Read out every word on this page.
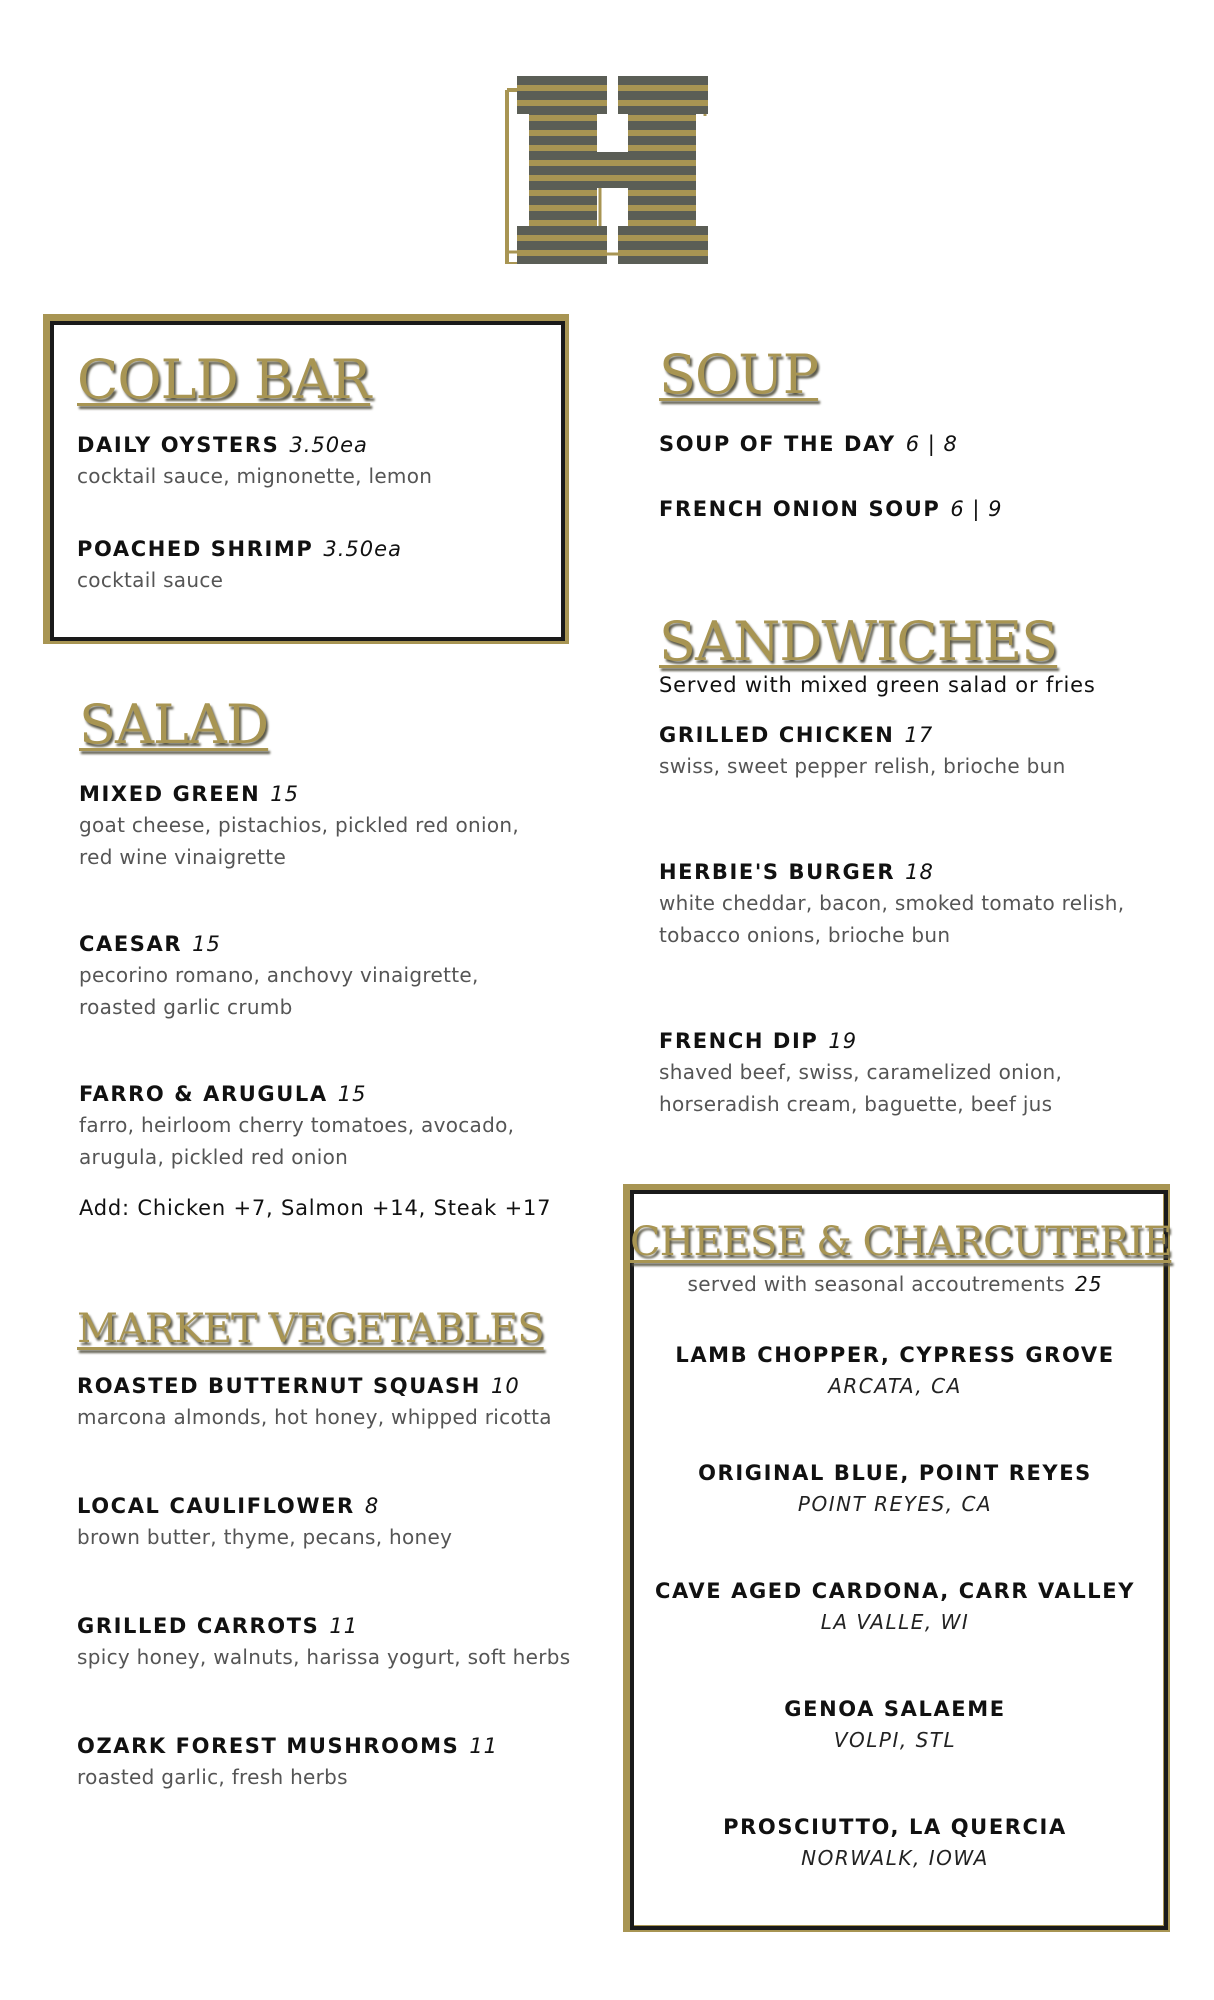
COLD BAR
DAILY OYSTERS 3.50ea
cocktail sauce, mignonette, lemon
POACHED SHRIMP 3.50ea
cocktail sauce
SALAD
MIXED GREEN 15
goat cheese, pistachios, pickled red onion,
red wine vinaigrette
CAESAR 15
pecorino romano, anchovy vinaigrette,
roasted garlic crumb
FARRO & ARUGULA 15
farro, heirloom cherry tomatoes, avocado,
arugula, pickled red onion
Add: Chicken +7, Salmon +14, Steak +17
MARKET VEGETABLES
ROASTED BUTTERNUT SQUASH 10
marcona almonds, hot honey, whipped ricotta
LOCAL CAULIFLOWER 8
brown butter, thyme, pecans, honey
GRILLED CARROTS 11
spicy honey, walnuts, harissa yogurt, soft herbs
OZARK FOREST MUSHROOMS 11
roasted garlic, fresh herbs
SOUP
SOUP OF THE DAY 6 | 8
FRENCH ONION SOUP 6 | 9
SANDWICHES
Served with mixed green salad or fries
GRILLED CHICKEN 17
swiss, sweet pepper relish, brioche bun
HERBIE'S BURGER 18
white cheddar, bacon, smoked tomato relish,
tobacco onions, brioche bun
FRENCH DIP 19
shaved beef, swiss, caramelized onion,
horseradish cream, baguette, beef jus
CHEESE & CHARCUTERIE
served with seasonal accoutrements 25
LAMB CHOPPER, CYPRESS GROVE
ARCATA, CA
ORIGINAL BLUE, POINT REYES
POINT REYES, CA
CAVE AGED CARDONA, CARR VALLEY
LA VALLE, WI
GENOA SALAEME
VOLPI, STL
PROSCIUTTO, LA QUERCIA
NORWALK, IOWA
